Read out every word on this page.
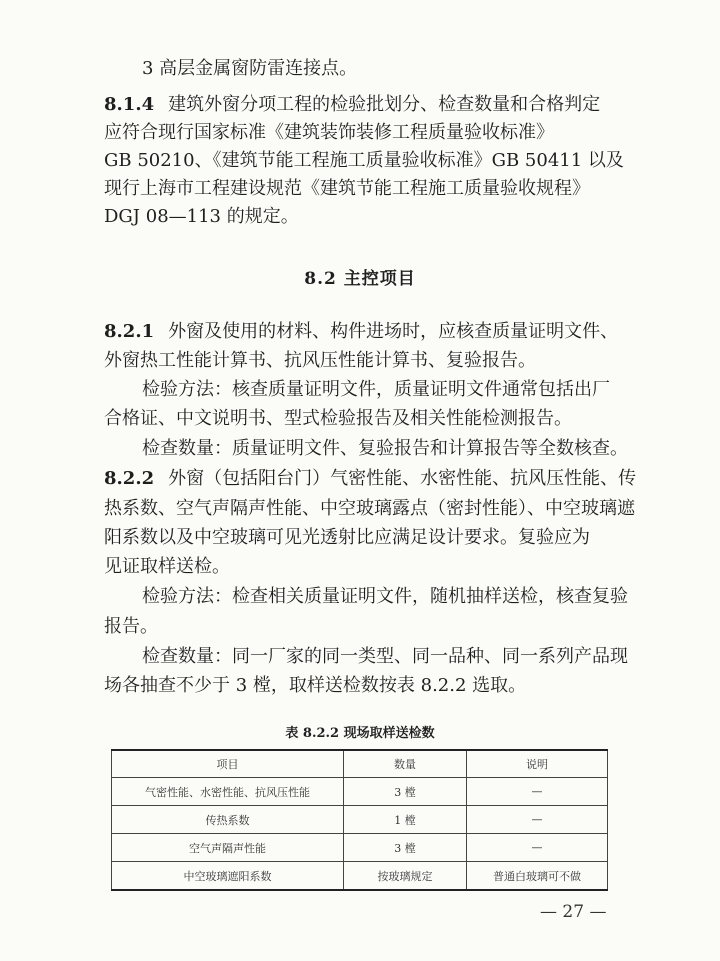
3 高层金属窗防雷连接点。
8.1.4 建筑外窗分项工程的检验批划分、检查数量和合格判定
应符合现行国家标准《建筑装饰装修工程质量验收标准》
GB 50210、《建筑节能工程施工质量验收标准》GB 50411 以及
现行上海市工程建设规范《建筑节能工程施工质量验收规程》
DGJ 08—113 的规定。
8.2 主控项目
8.2.1 外窗及使用的材料、构件进场时，应核查质量证明文件、
外窗热工性能计算书、抗风压性能计算书、复验报告。
检验方法：核查质量证明文件，质量证明文件通常包括出厂
合格证、中文说明书、型式检验报告及相关性能检测报告。
检查数量：质量证明文件、复验报告和计算报告等全数核查。
8.2.2 外窗（包括阳台门）气密性能、水密性能、抗风压性能、传
热系数、空气声隔声性能、中空玻璃露点（密封性能）、中空玻璃遮
阳系数以及中空玻璃可见光透射比应满足设计要求。复验应为
见证取样送检。
检验方法：检查相关质量证明文件，随机抽样送检，核查复验
报告。
检查数量：同一厂家的同一类型、同一品种、同一系列产品现
场各抽查不少于 3 樘，取样送检数按表 8.2.2 选取。
表 8.2.2 现场取样送检数
项目	数量	说明
气密性能、水密性能、抗风压性能	3 樘	—
传热系数	1 樘	—
空气声隔声性能	3 樘	—
中空玻璃遮阳系数	按玻璃规定	普通白玻璃可不做
— 27 —
